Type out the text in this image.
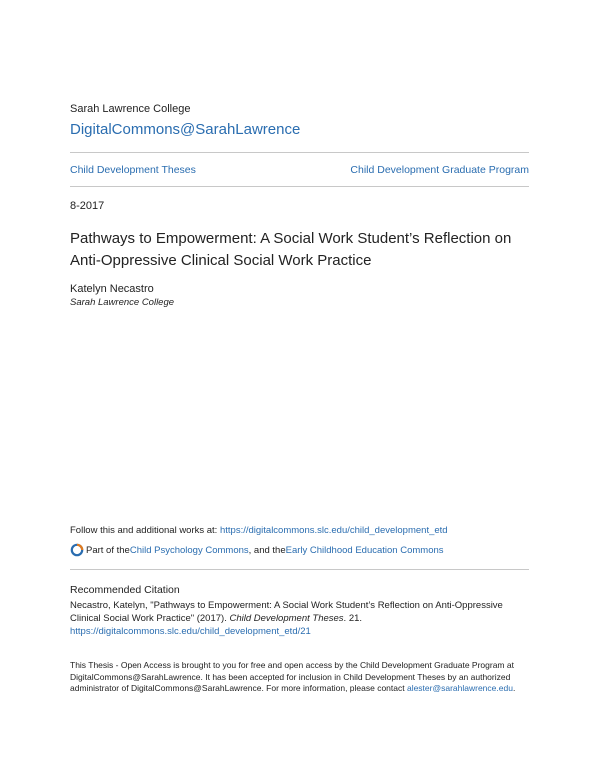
Sarah Lawrence College
DigitalCommons@SarahLawrence
Child Development Theses	Child Development Graduate Program
8-2017
Pathways to Empowerment: A Social Work Student’s Reflection on Anti-Oppressive Clinical Social Work Practice
Katelyn Necastro
Sarah Lawrence College
Follow this and additional works at: https://digitalcommons.slc.edu/child_development_etd
Part of the Child Psychology Commons , and the Early Childhood Education Commons
Recommended Citation
Necastro, Katelyn, "Pathways to Empowerment: A Social Work Student’s Reflection on Anti-Oppressive Clinical Social Work Practice" (2017). Child Development Theses. 21.
https://digitalcommons.slc.edu/child_development_etd/21
This Thesis - Open Access is brought to you for free and open access by the Child Development Graduate Program at DigitalCommons@SarahLawrence. It has been accepted for inclusion in Child Development Theses by an authorized administrator of DigitalCommons@SarahLawrence. For more information, please contact alester@sarahlawrence.edu.
